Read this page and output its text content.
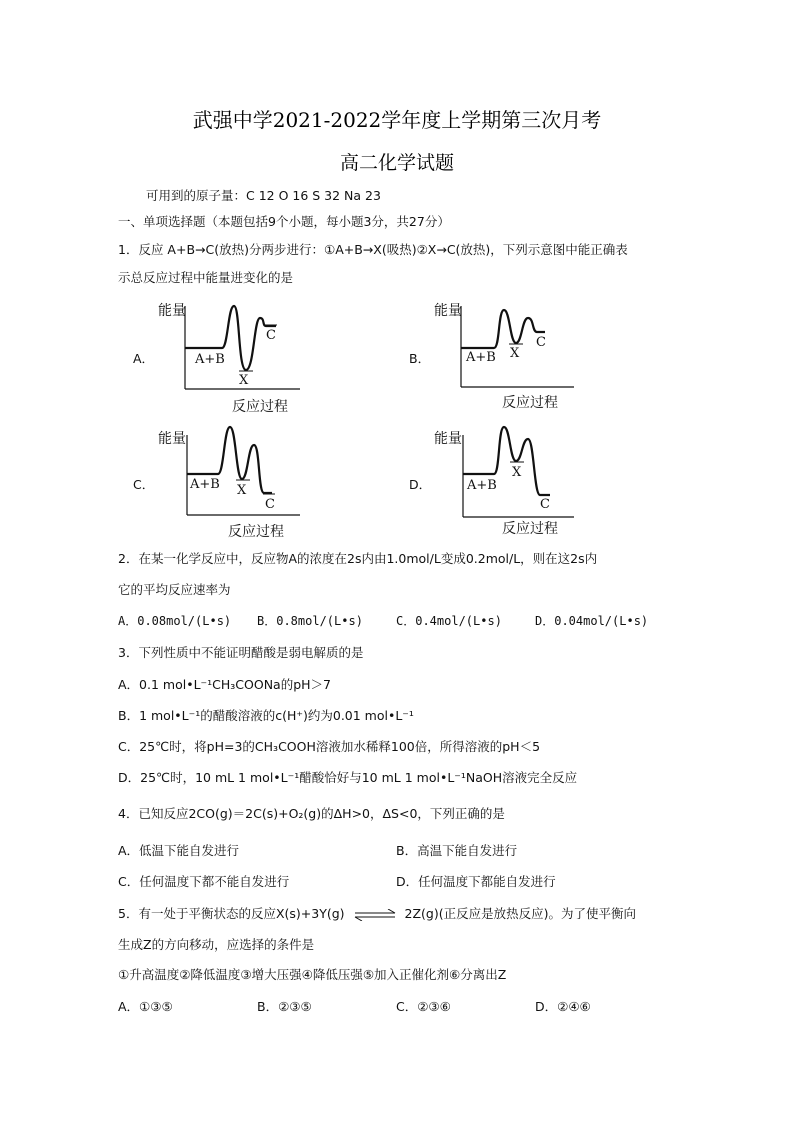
武强中学2021-2022学年度上学期第三次月考
高二化学试题
可用到的原子量：C 12 O 16 S 32 Na 23
一、单项选择题（本题包括9个小题，每小题3分，共27分）
1．反应 A+B→C(放热)分两步进行：①A+B→X(吸热)②X→C(放热)，下列示意图中能正确表
示总反应过程中能量进变化的是
A．	B．
C．	D．
能量
A+B
X
C
反应过程
能量
A+B X
C
反应过程
能量
A+B X
C
反应过程
能量
A+B
X
C
反应过程
2．在某一化学反应中，反应物A的浓度在2s内由1.0mol/L变成0.2mol/L，则在这2s内
它的平均反应速率为
A．0.08mol/(L•s) B．0.8mol/(L•s)	C．0.4mol/(L•s)	D．0.04mol/(L•s)
3．下列性质中不能证明醋酸是弱电解质的是
A．0.1 mol•L⁻¹CH₃COONa的pH＞7
B．1 mol•L⁻¹的醋酸溶液的c(H⁺)约为0.01 mol•L⁻¹
C．25℃时，将pH=3的CH₃COOH溶液加水稀释100倍，所得溶液的pH＜5
D．25℃时，10 mL 1 mol•L⁻¹醋酸恰好与10 mL 1 mol•L⁻¹NaOH溶液完全反应
4．已知反应2CO(g)＝2C(s)+O₂(g)的ΔH>0，ΔS<0，下列正确的是
A．低温下能自发进行	B．高温下能自发进行
C．任何温度下都不能自发进行	D．任何温度下都能自发进行
5．有一处于平衡状态的反应X(s)+3Y(g) ⇌ 2Z(g)(正反应是放热反应)。为了使平衡向
生成Z的方向移动，应选择的条件是
①升高温度②降低温度③增大压强④降低压强⑤加入正催化剂⑥分离出Z
A．①③⑤	B．②③⑤	C．②③⑥	D．②④⑥
